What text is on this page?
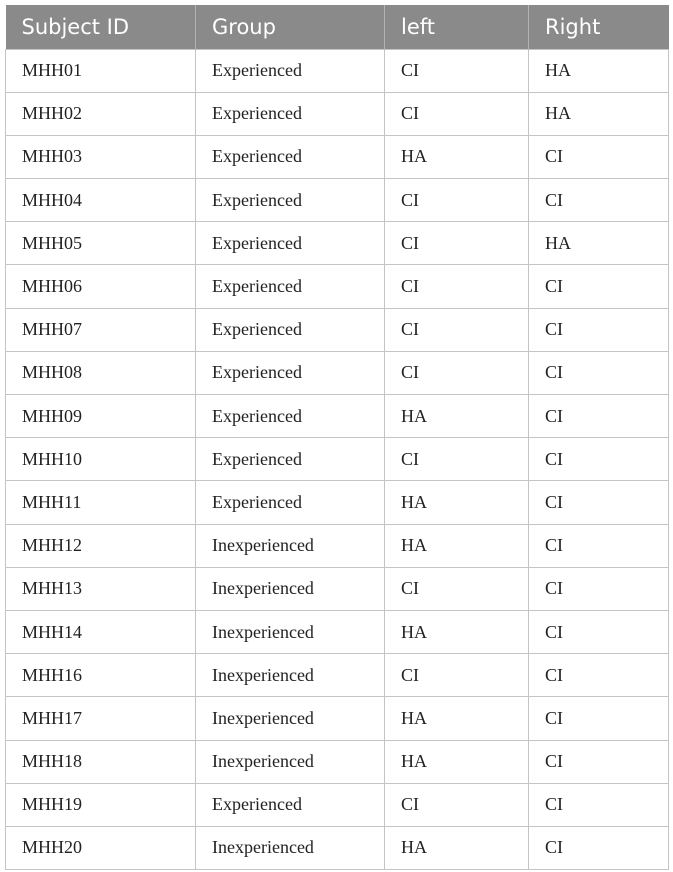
Subject ID	Group	left	Right
MHH01	Experienced	CI	HA
MHH02	Experienced	CI	HA
MHH03	Experienced	HA	CI
MHH04	Experienced	CI	CI
MHH05	Experienced	CI	HA
MHH06	Experienced	CI	CI
MHH07	Experienced	CI	CI
MHH08	Experienced	CI	CI
MHH09	Experienced	HA	CI
MHH10	Experienced	CI	CI
MHH11	Experienced	HA	CI
MHH12	Inexperienced	HA	CI
MHH13	Inexperienced	CI	CI
MHH14	Inexperienced	HA	CI
MHH16	Inexperienced	CI	CI
MHH17	Inexperienced	HA	CI
MHH18	Inexperienced	HA	CI
MHH19	Experienced	CI	CI
MHH20	Inexperienced	HA	CI
